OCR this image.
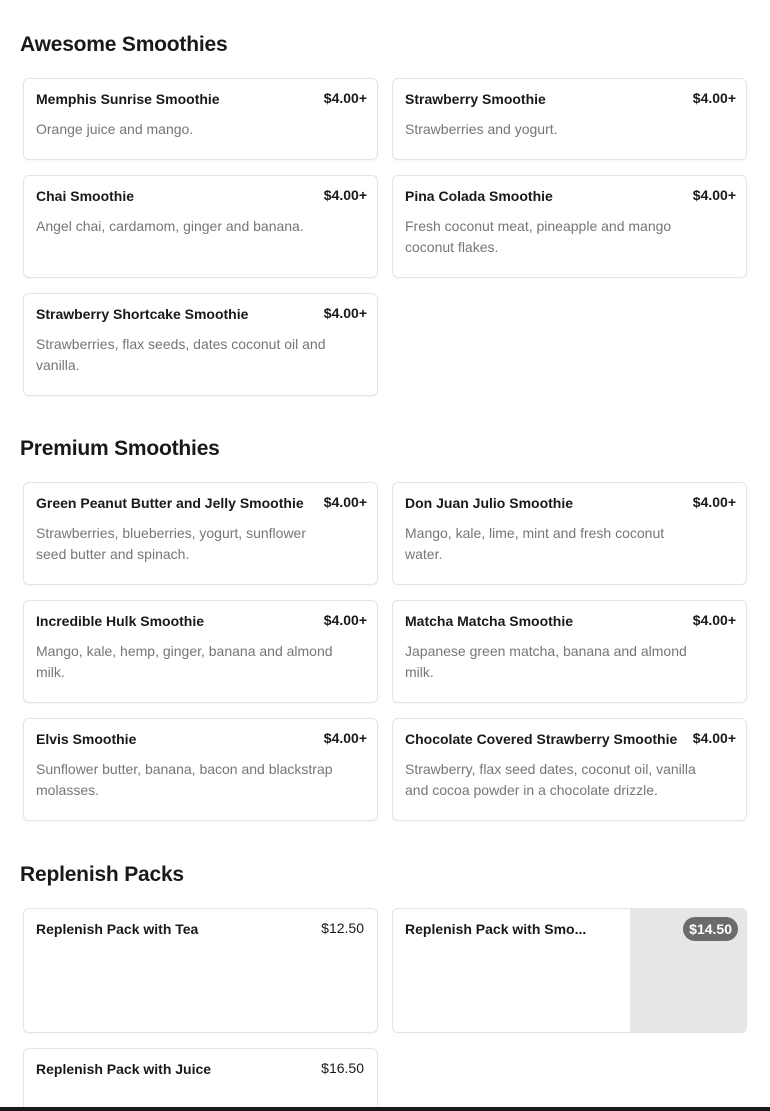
Awesome Smoothies
Memphis Sunrise Smoothie	$4.00+
Orange juice and mango.
Strawberry Smoothie	$4.00+
Strawberries and yogurt.
Chai Smoothie	$4.00+
Angel chai, cardamom, ginger and banana.
Pina Colada Smoothie	$4.00+
Fresh coconut meat, pineapple and mango coconut flakes.
Strawberry Shortcake Smoothie	$4.00+
Strawberries, flax seeds, dates coconut oil and vanilla.
Premium Smoothies
Green Peanut Butter and Jelly Smoothie $4.00+
Strawberries, blueberries, yogurt, sunflower seed butter and spinach.
Don Juan Julio Smoothie	$4.00+
Mango, kale, lime, mint and fresh coconut water.
Incredible Hulk Smoothie	$4.00+
Mango, kale, hemp, ginger, banana and almond milk.
Matcha Matcha Smoothie	$4.00+
Japanese green matcha, banana and almond milk.
Elvis Smoothie	$4.00+
Sunflower butter, banana, bacon and blackstrap molasses.
Chocolate Covered Strawberry Smoothie $4.00+
Strawberry, flax seed dates, coconut oil, vanilla and cocoa powder in a chocolate drizzle.
Replenish Packs
Replenish Pack with Tea	$12.50	Replenish Pack with Smo...	$14.50
Replenish Pack with Juice	$16.50
